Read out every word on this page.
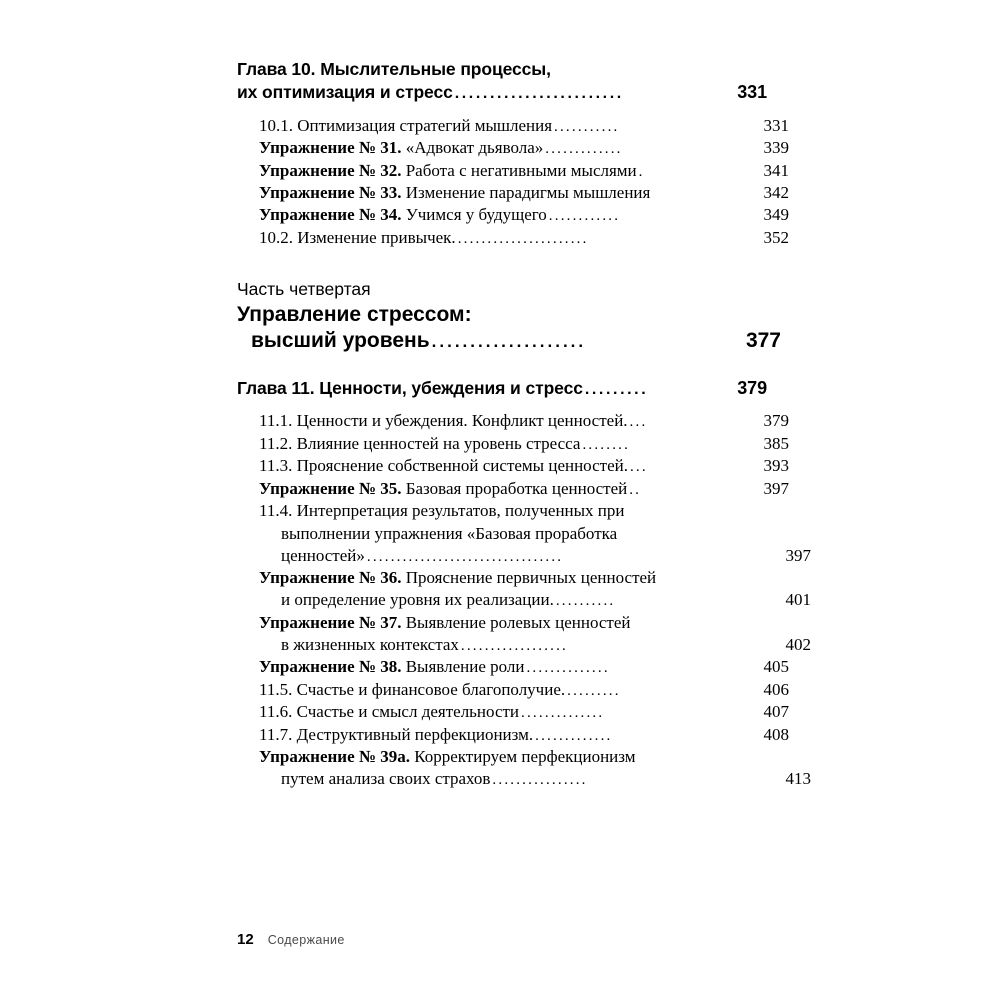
Глава 10. Мыслительные процессы,
их оптимизация и стресс ........................	331
10.1. Оптимизация стратегий мышления ...........	331
Упражнение № 31. «Адвокат дьявола» .............	339
Упражнение № 32. Работа с негативными мыслями .	341
Упражнение № 33. Изменение парадигмы мышления	342
Упражнение № 34. Учимся у будущего ............	349
10.2. Изменение привычек. ......................	352
Часть четвертая
Управление стрессом:
высший уровень ....................	377
Глава 11. Ценности, убеждения и стресс .........	379
11.1. Ценности и убеждения. Конфликт ценностей. ...	379
11.2. Влияние ценностей на уровень стресса ........	385
11.3. Прояснение собственной системы ценностей. ...	393
Упражнение № 35. Базовая проработка ценностей ..	397
11.4. Интерпретация результатов, полученных при
выполнении упражнения «Базовая проработка
ценностей» .................................	397
Упражнение № 36. Прояснение первичных ценностей
и определение уровня их реализации. ..........	401
Упражнение № 37. Выявление ролевых ценностей
в жизненных контекстах ..................	402
Упражнение № 38. Выявление роли ..............	405
11.5. Счастье и финансовое благополучие. .........	406
11.6. Счастье и смысл деятельности ..............	407
11.7. Деструктивный перфекционизм. .............	408
Упражнение № 39а. Корректируем перфекционизм
путем анализа своих страхов ................	413
12 Содержание
